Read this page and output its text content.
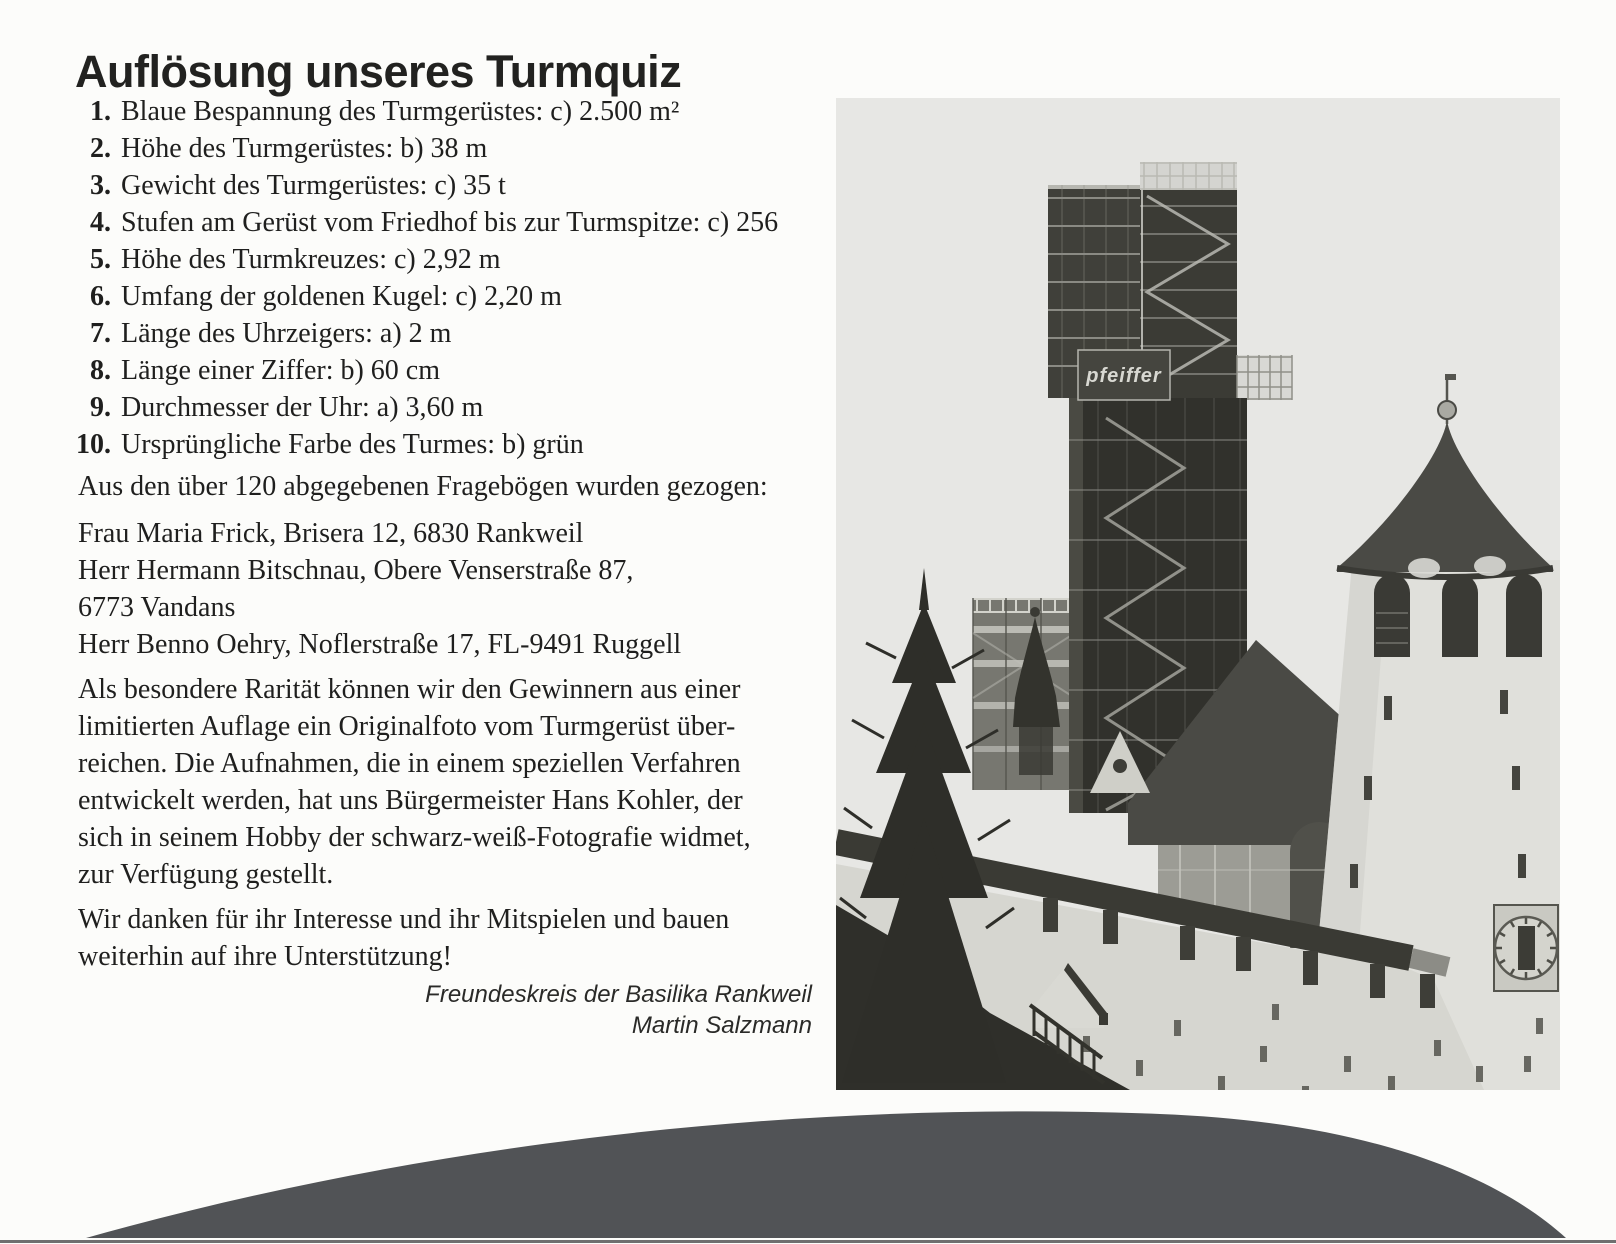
Auflösung unseres Turmquiz
1. Blaue Bespannung des Turmgerüstes: c) 2.500 m²
2. Höhe des Turmgerüstes: b) 38 m
3. Gewicht des Turmgerüstes: c) 35 t
4. Stufen am Gerüst vom Friedhof bis zur Turmspitze: c) 256
5. Höhe des Turmkreuzes: c) 2,92 m
6. Umfang der goldenen Kugel: c) 2,20 m
7. Länge des Uhrzeigers: a) 2 m
8. Länge einer Ziffer: b) 60 cm
9. Durchmesser der Uhr: a) 3,60 m
10. Ursprüngliche Farbe des Turmes: b) grün
Aus den über 120 abgegebenen Fragebögen wurden gezogen:
Frau Maria Frick, Brisera 12, 6830 Rankweil
Herr Hermann Bitschnau, Obere Venserstraße 87,
6773 Vandans
Herr Benno Oehry, Noflerstraße 17, FL-9491 Ruggell
Als besondere Rarität können wir den Gewinnern aus einer
limitierten Auflage ein Originalfoto vom Turmgerüst über-
reichen. Die Aufnahmen, die in einem speziellen Verfahren
entwickelt werden, hat uns Bürgermeister Hans Kohler, der
sich in seinem Hobby der schwarz-weiß-Fotografie widmet,
zur Verfügung gestellt.
Wir danken für ihr Interesse und ihr Mitspielen und bauen
weiterhin auf ihre Unterstützung!
Freundeskreis der Basilika Rankweil
Martin Salzmann
pfeiffer
